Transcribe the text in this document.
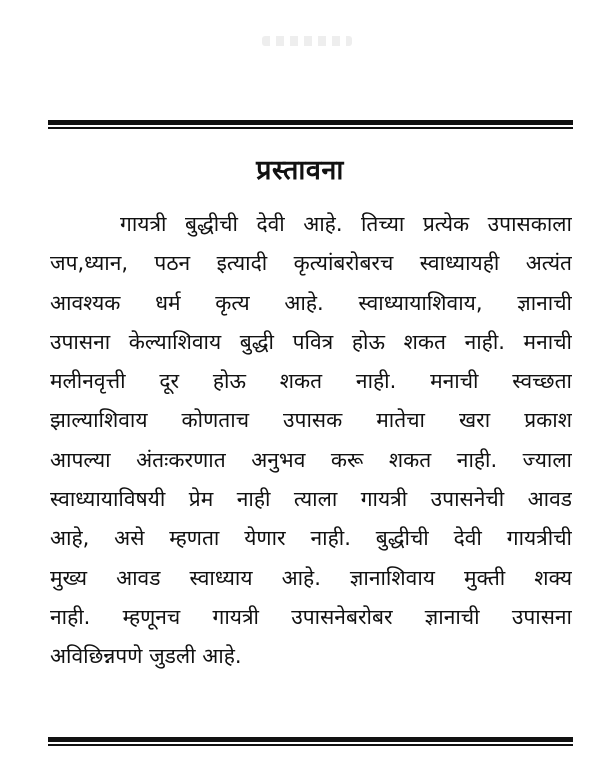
प्रस्तावना
गायत्री बुद्धीची देवी आहे. तिच्या प्रत्येक उपासकाला
जप,ध्यान, पठन इत्यादी कृत्यांबरोबरच स्वाध्यायही अत्यंत
आवश्यक धर्म कृत्य आहे. स्वाध्यायाशिवाय, ज्ञानाची
उपासना केल्याशिवाय बुद्धी पवित्र होऊ शकत नाही. मनाची
मलीनवृत्ती दूर होऊ शकत नाही. मनाची स्वच्छता
झाल्याशिवाय कोणताच उपासक मातेचा खरा प्रकाश
आपल्या अंतःकरणात अनुभव करू शकत नाही. ज्याला
स्वाध्यायाविषयी प्रेम नाही त्याला गायत्री उपासनेची आवड
आहे, असे म्हणता येणार नाही. बुद्धीची देवी गायत्रीची
मुख्य आवड स्वाध्याय आहे. ज्ञानाशिवाय मुक्ती शक्य
नाही. म्हणूनच गायत्री उपासनेबरोबर ज्ञानाची उपासना
अविछिन्नपणे जुडली आहे.
